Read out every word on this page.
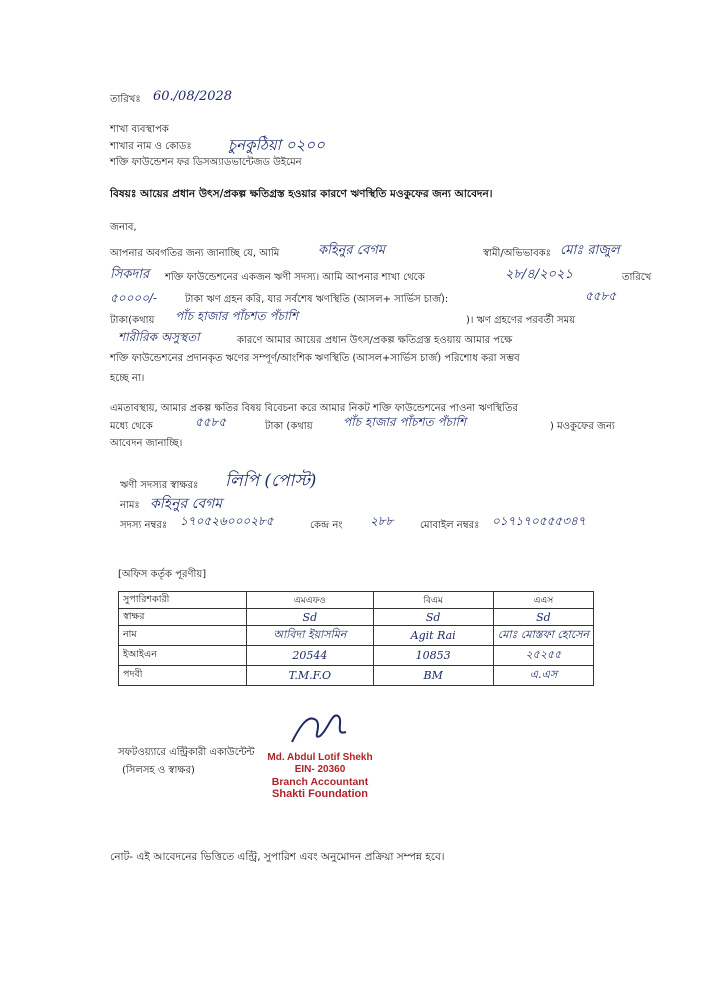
তারিখঃ 60./08/2028
শাখা ব্যবস্থাপক
শাখার নাম ও কোডঃ চুনকুঠিয়া ০২০০
শক্তি ফাউন্ডেশন ফর ডিসঅ্যাডভান্টেজড উইমেন
বিষয়ঃ আয়ের প্রধান উৎস/প্রকল্প ক্ষতিগ্রস্ত হওয়ার কারণে ঋণস্থিতি মওকুফের জন্য আবেদন।
জনাব,
আপনার অবগতির জন্য জানাচ্ছি যে, আমি	কহিনুর বেগম	স্বামী/অভিভাবকঃ মোঃ রাজুল
সিকদার শক্তি ফাউন্ডেশনের একজন ঋণী সদস্য। আমি আপনার শাখা থেকে	২৮/৪/২০২১	তারিখে
৫০০০০/-	টাকা ঋণ গ্রহন করি, যার সর্বশেষ ঋণস্থিতি (আসল+ সার্ভিস চার্জ):	৫৫৮৫
টাকা(কথায় পাঁচ হাজার পাঁচশত পঁচাশি	)। ঋণ গ্রহণের পরবর্তী সময়
শারীরিক অসুস্থতা	কারণে আমার আয়ের প্রধান উৎস/প্রকল্প ক্ষতিগ্রস্ত হওয়ায় আমার পক্ষে
শক্তি ফাউন্ডেশনের প্রদানকৃত ঋণের সম্পূর্ণ/আংশিক ঋণস্থিতি (আসল+সার্ভিস চার্জ) পরিশোধ করা সম্ভব
হচ্ছে না।
এমতাবস্থায়, আমার প্রকল্প ক্ষতির বিষয় বিবেচনা করে আমার নিকট শক্তি ফাউন্ডেশনের পাওনা ঋণস্থিতির
মধ্যে থেকে	৫৫৮৫	টাকা (কথায়	পাঁচ হাজার পাঁচশত পঁচাশি	) মওকুফের জন্য
আবেদন জানাচ্ছি।
ঋণী সদস্যর স্বাক্ষরঃ লিপি (পোস্ট)
নামঃ কহিনুর বেগম
সদস্য নম্বরঃ ১৭০৫২৬০০০২৮৫	কেন্দ্র নং ২৮৮	মোবাইল নম্বরঃ ০১৭১৭০৫৫৫৩৪৭
[অফিস কর্তৃক পূরণীয়]
সুপারিশকারী	এমএফও	বিএম	এএস
স্বাক্ষর	Sd	Sd	Sd
নাম	আবিদা ইয়াসমিন	Agit Rai	মোঃ মোস্তফা হোসেন
ইআইএন	20544	10853	২৫২৫৫
পদবী	T.M.F.O	BM	এ.এস
সফটওয়্যারে এন্ট্রিকারী একাউন্টেন্ট
(সিলসহ ও স্বাক্ষর)
Md. Abdul Lotif Shekh
EIN- 20360
Branch Accountant
Shakti Foundation
নোট- এই আবেদনের ভিত্তিতে এন্ট্রি, সুপারিশ এবং অনুমোদন প্রক্রিয়া সম্পন্ন হবে।
